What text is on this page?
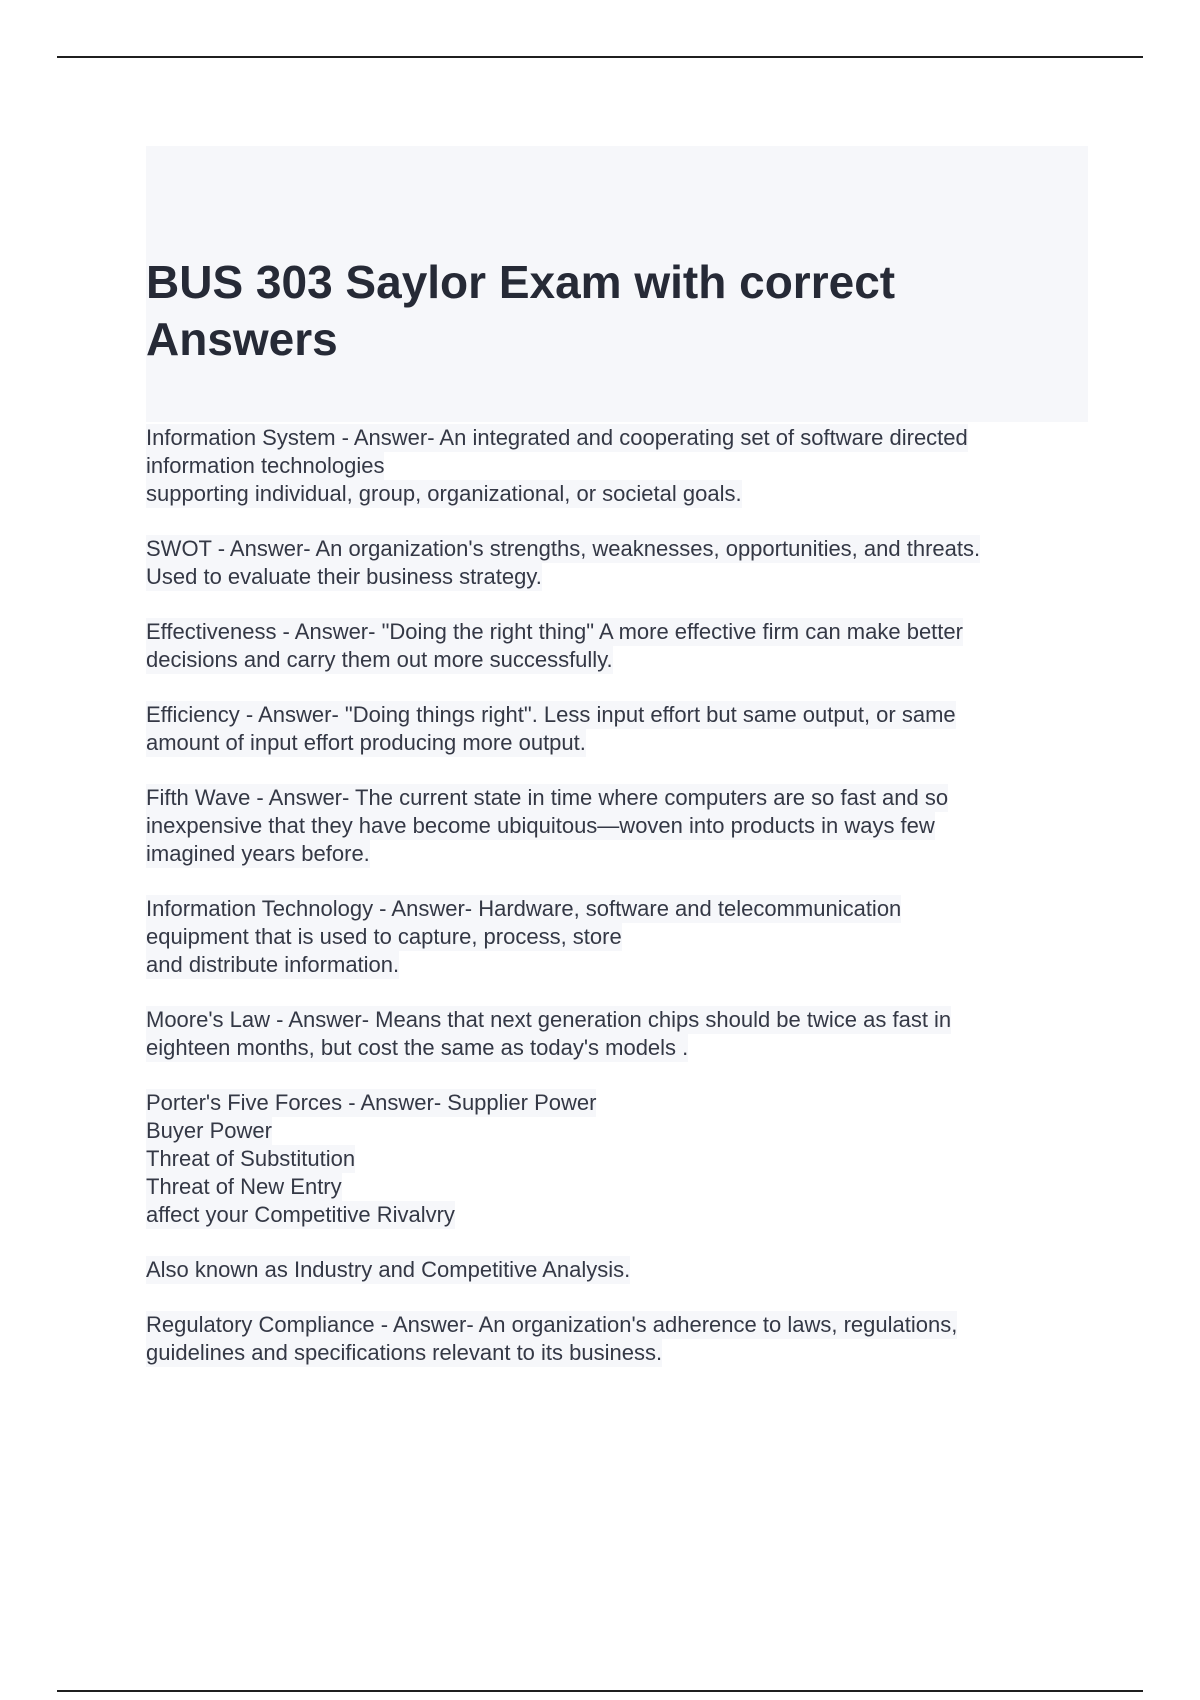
BUS 303 Saylor Exam with correct Answers

Information System - Answer- An integrated and cooperating set of software directed
information technologies
supporting individual, group, organizational, or societal goals.

SWOT - Answer- An organization's strengths, weaknesses, opportunities, and threats.
Used to evaluate their business strategy.

Effectiveness - Answer- "Doing the right thing" A more effective firm can make better
decisions and carry them out more successfully.

Efficiency - Answer- "Doing things right". Less input effort but same output, or same
amount of input effort producing more output.

Fifth Wave - Answer- The current state in time where computers are so fast and so
inexpensive that they have become ubiquitous—woven into products in ways few
imagined years before.

Information Technology - Answer- Hardware, software and telecommunication
equipment that is used to capture, process, store
and distribute information.

Moore's Law - Answer- Means that next generation chips should be twice as fast in
eighteen months, but cost the same as today's models .

Porter's Five Forces - Answer- Supplier Power
Buyer Power
Threat of Substitution
Threat of New Entry
affect your Competitive Rivalvry

Also known as Industry and Competitive Analysis.

Regulatory Compliance - Answer- An organization's adherence to laws, regulations,
guidelines and specifications relevant to its business.
